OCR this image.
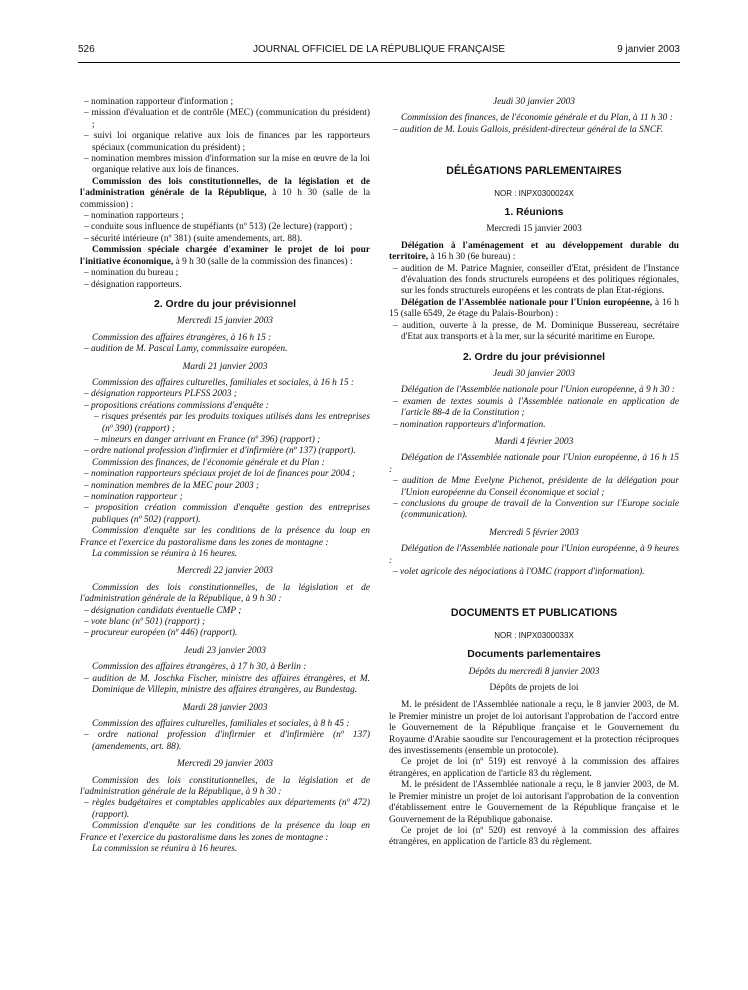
526	JOURNAL OFFICIEL DE LA RÉPUBLIQUE FRANÇAISE	9 janvier 2003

– nomination rapporteur d'information ;

– mission d'évaluation et de contrôle (MEC) (communication du président) ;

– suivi loi organique relative aux lois de finances par les rapporteurs spéciaux (communication du président) ;

– nomination membres mission d'information sur la mise en œuvre de la loi organique relative aux lois de finances.

Commission des lois constitutionnelles, de la législation et de l'administration générale de la République, à 10 h 30 (salle de la commission) :

– nomination rapporteurs ;

– conduite sous influence de stupéfiants (nº 513) (2e lecture) (rapport) ;

– sécurité intérieure (nº 381) (suite amendements, art. 88).

Commission spéciale chargée d'examiner le projet de loi pour l'initiative économique, à 9 h 30 (salle de la commission des finances) :

– nomination du bureau ;

– désignation rapporteurs.

2. Ordre du jour prévisionnel
Mercredi 15 janvier 2003

Commission des affaires étrangères, à 16 h 15 :

– audition de M. Pascal Lamy, commissaire européen.

Mardi 21 janvier 2003

Commission des affaires culturelles, familiales et sociales, à 16 h 15 :

– désignation rapporteurs PLFSS 2003 ;

– propositions créations commissions d'enquête :

– risques présentés par les produits toxiques utilisés dans les entreprises (nº 390) (rapport) ;

– mineurs en danger arrivant en France (nº 396) (rapport) ;

– ordre national profession d'infirmier et d'infirmière (nº 137) (rapport).

Commission des finances, de l'économie générale et du Plan :

– nomination rapporteurs spéciaux projet de loi de finances pour 2004 ;

– nomination membres de la MEC pour 2003 ;

– nomination rapporteur ;

– proposition création commission d'enquête gestion des entreprises publiques (nº 502) (rapport).

Commission d'enquête sur les conditions de la présence du loup en France et l'exercice du pastoralisme dans les zones de montagne :

La commission se réunira à 16 heures.

Mercredi 22 janvier 2003

Commission des lois constitutionnelles, de la législation et de l'administration générale de la République, à 9 h 30 :

– désignation candidats éventuelle CMP ;

– vote blanc (nº 501) (rapport) ;

– procureur européen (nº 446) (rapport).

Jeudi 23 janvier 2003

Commission des affaires étrangères, à 17 h 30, à Berlin :

– audition de M. Joschka Fischer, ministre des affaires étrangères, et M. Dominique de Villepin, ministre des affaires étrangères, au Bundestag.

Mardi 28 janvier 2003

Commission des affaires culturelles, familiales et sociales, à 8 h 45 :

– ordre national profession d'infirmier et d'infirmière (nº 137) (amendements, art. 88).

Mercredi 29 janvier 2003

Commission des lois constitutionnelles, de la législation et de l'administration générale de la République, à 9 h 30 :

– règles budgétaires et comptables applicables aux départements (nº 472) (rapport).

Commission d'enquête sur les conditions de la présence du loup en France et l'exercice du pastoralisme dans les zones de montagne :

La commission se réunira à 16 heures.

Jeudi 30 janvier 2003

Commission des finances, de l'économie générale et du Plan, à 11 h 30 :

– audition de M. Louis Gallois, président-directeur général de la SNCF.

DÉLÉGATIONS PARLEMENTAIRES
NOR : INPX0300024X
1. Réunions
Mercredi 15 janvier 2003

Délégation à l'aménagement et au développement durable du territoire, à 16 h 30 (6e bureau) :

– audition de M. Patrice Magnier, conseiller d'Etat, président de l'Instance d'évaluation des fonds structurels européens et des politiques régionales, sur les fonds structurels européens et les contrats de plan Etat-régions.

Délégation de l'Assemblée nationale pour l'Union européenne, à 16 h 15 (salle 6549, 2e étage du Palais-Bourbon) :

– audition, ouverte à la presse, de M. Dominique Bussereau, secrétaire d'Etat aux transports et à la mer, sur la sécurité maritime en Europe.

2. Ordre du jour prévisionnel
Jeudi 30 janvier 2003

Délégation de l'Assemblée nationale pour l'Union européenne, à 9 h 30 :

– examen de textes soumis à l'Assemblée nationale en application de l'article 88-4 de la Constitution ;

– nomination rapporteurs d'information.

Mardi 4 février 2003

Délégation de l'Assemblée nationale pour l'Union européenne, à 16 h 15 :

– audition de Mme Evelyne Pichenot, présidente de la délégation pour l'Union européenne du Conseil économique et social ;

– conclusions du groupe de travail de la Convention sur l'Europe sociale (communication).

Mercredi 5 février 2003

Délégation de l'Assemblée nationale pour l'Union européenne, à 9 heures :

– volet agricole des négociations à l'OMC (rapport d'information).

DOCUMENTS ET PUBLICATIONS
NOR : INPX0300033X
Documents parlementaires
Dépôts du mercredi 8 janvier 2003
Dépôts de projets de loi

M. le président de l'Assemblée nationale a reçu, le 8 janvier 2003, de M. le Premier ministre un projet de loi autorisant l'approbation de l'accord entre le Gouvernement de la République française et le Gouvernement du Royaume d'Arabie saoudite sur l'encouragement et la protection réciproques des investissements (ensemble un protocole).

Ce projet de loi (nº 519) est renvoyé à la commission des affaires étrangères, en application de l'article 83 du règlement.

M. le président de l'Assemblée nationale a reçu, le 8 janvier 2003, de M. le Premier ministre un projet de loi autorisant l'approbation de la convention d'établissement entre le Gouvernement de la République française et le Gouvernement de la République gabonaise.

Ce projet de loi (nº 520) est renvoyé à la commission des affaires étrangères, en application de l'article 83 du règlement.
